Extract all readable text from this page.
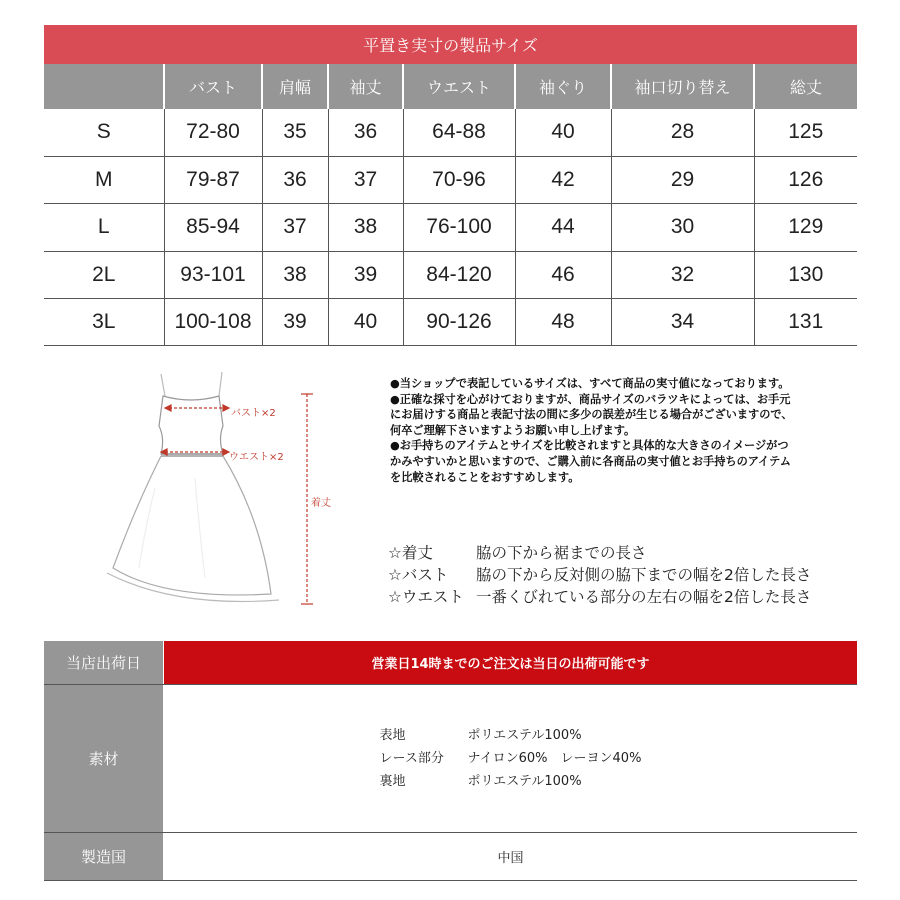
平置き実寸の製品サイズ
	バスト	肩幅	袖丈	ウエスト	袖ぐり	袖口切り替え	総丈
S	72-80	35	36	64-88	40	28	125
M	79-87	36	37	70-96	42	29	126
L	85-94	37	38	76-100	44	30	129
2L	93-101	38	39	84-120	46	32	130
3L	100-108	39	40	90-126	48	34	131
バスト×2
ウエスト×2
着丈
●当ショップで表記しているサイズは、すべて商品の実寸値になっております。
●正確な採寸を心がけておりますが、商品サイズのバラツキによっては、お手元
にお届けする商品と表記寸法の間に多少の誤差が生じる場合がございますので、
何卒ご理解下さいますようお願い申し上げます。
●お手持ちのアイテムとサイズを比較されますと具体的な大きさのイメージがつ
かみやすいかと思いますので、ご購入前に各商品の実寸値とお手持ちのアイテム
を比較されることをおすすめします。
☆着丈	脇の下から裾までの長さ
☆バスト	脇の下から反対側の脇下までの幅を2倍した長さ
☆ウエスト 一番くびれている部分の左右の幅を2倍した長さ
当店出荷日	営業日14時までのご注文は当日の出荷可能です
素材
表地	ポリエステル100%
レース部分	ナイロン60%　レーヨン40%
裏地	ポリエステル100%
製造国	中国
